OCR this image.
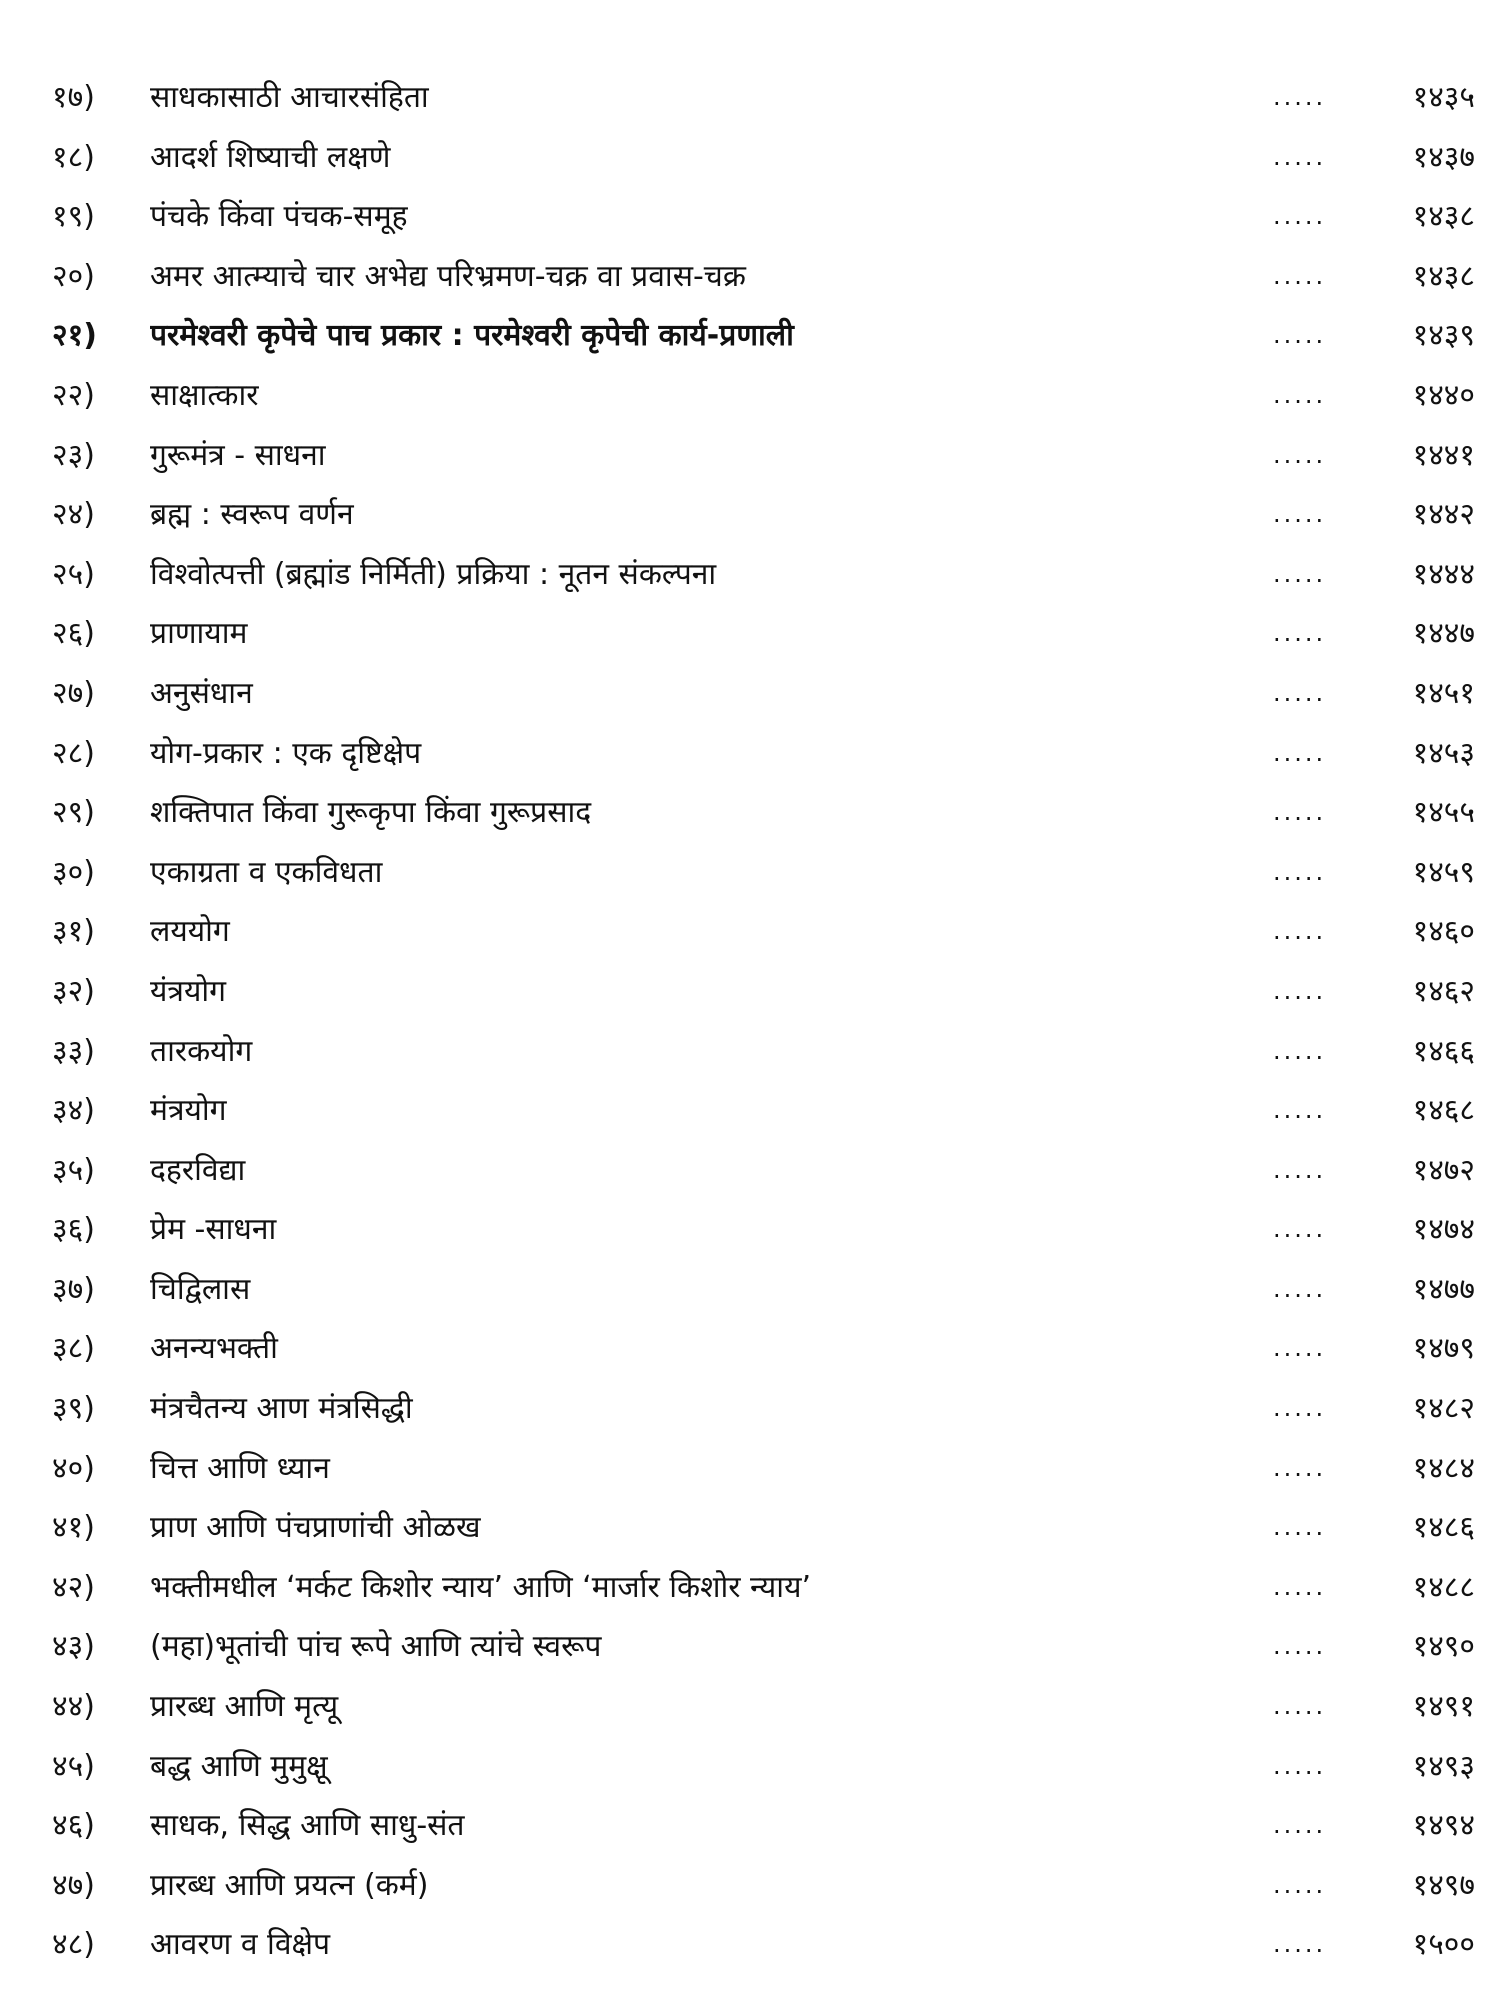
१७)	साधकासाठी आचारसंहिता	.....	१४३५
१८)	आदर्श शिष्याची लक्षणे	.....	१४३७
१९)	पंचके किंवा पंचक-समूह	.....	१४३८
२०)	अमर आत्म्याचे चार अभेद्य परिभ्रमण-चक्र वा प्रवास-चक्र	.....	१४३८
२१)	परमेश्वरी कृपेचे पाच प्रकार : परमेश्वरी कृपेची कार्य-प्रणाली	.....	१४३९
२२)	साक्षात्कार	.....	१४४०
२३)	गुरूमंत्र - साधना	.....	१४४१
२४)	ब्रह्म : स्वरूप वर्णन	.....	१४४२
२५)	विश्वोत्पत्ती (ब्रह्मांड निर्मिती) प्रक्रिया : नूतन संकल्पना	.....	१४४४
२६)	प्राणायाम	.....	१४४७
२७)	अनुसंधान	.....	१४५१
२८)	योग-प्रकार : एक दृष्टिक्षेप	.....	१४५३
२९)	शक्तिपात किंवा गुरूकृपा किंवा गुरूप्रसाद	.....	१४५५
३०)	एकाग्रता व एकविधता	.....	१४५९
३१)	लययोग	.....	१४६०
३२)	यंत्रयोग	.....	१४६२
३३)	तारकयोग	.....	१४६६
३४)	मंत्रयोग	.....	१४६८
३५)	दहरविद्या	.....	१४७२
३६)	प्रेम -साधना	.....	१४७४
३७)	चिद्विलास	.....	१४७७
३८)	अनन्यभक्ती	.....	१४७९
३९)	मंत्रचैतन्य आण मंत्रसिद्धी	.....	१४८२
४०)	चित्त आणि ध्यान	.....	१४८४
४१)	प्राण आणि पंचप्राणांची ओळख	.....	१४८६
४२)	भक्तीमधील ‘मर्कट किशोर न्याय’ आणि ‘मार्जार किशोर न्याय’	.....	१४८८
४३)	(महा)भूतांची पांच रूपे आणि त्यांचे स्वरूप	.....	१४९०
४४)	प्रारब्ध आणि मृत्यू	.....	१४९१
४५)	बद्ध आणि मुमुक्षू	.....	१४९३
४६)	साधक, सिद्ध आणि साधु-संत	.....	१४९४
४७)	प्रारब्ध आणि प्रयत्न (कर्म)	.....	१४९७
४८)	आवरण व विक्षेप	.....	१५००
